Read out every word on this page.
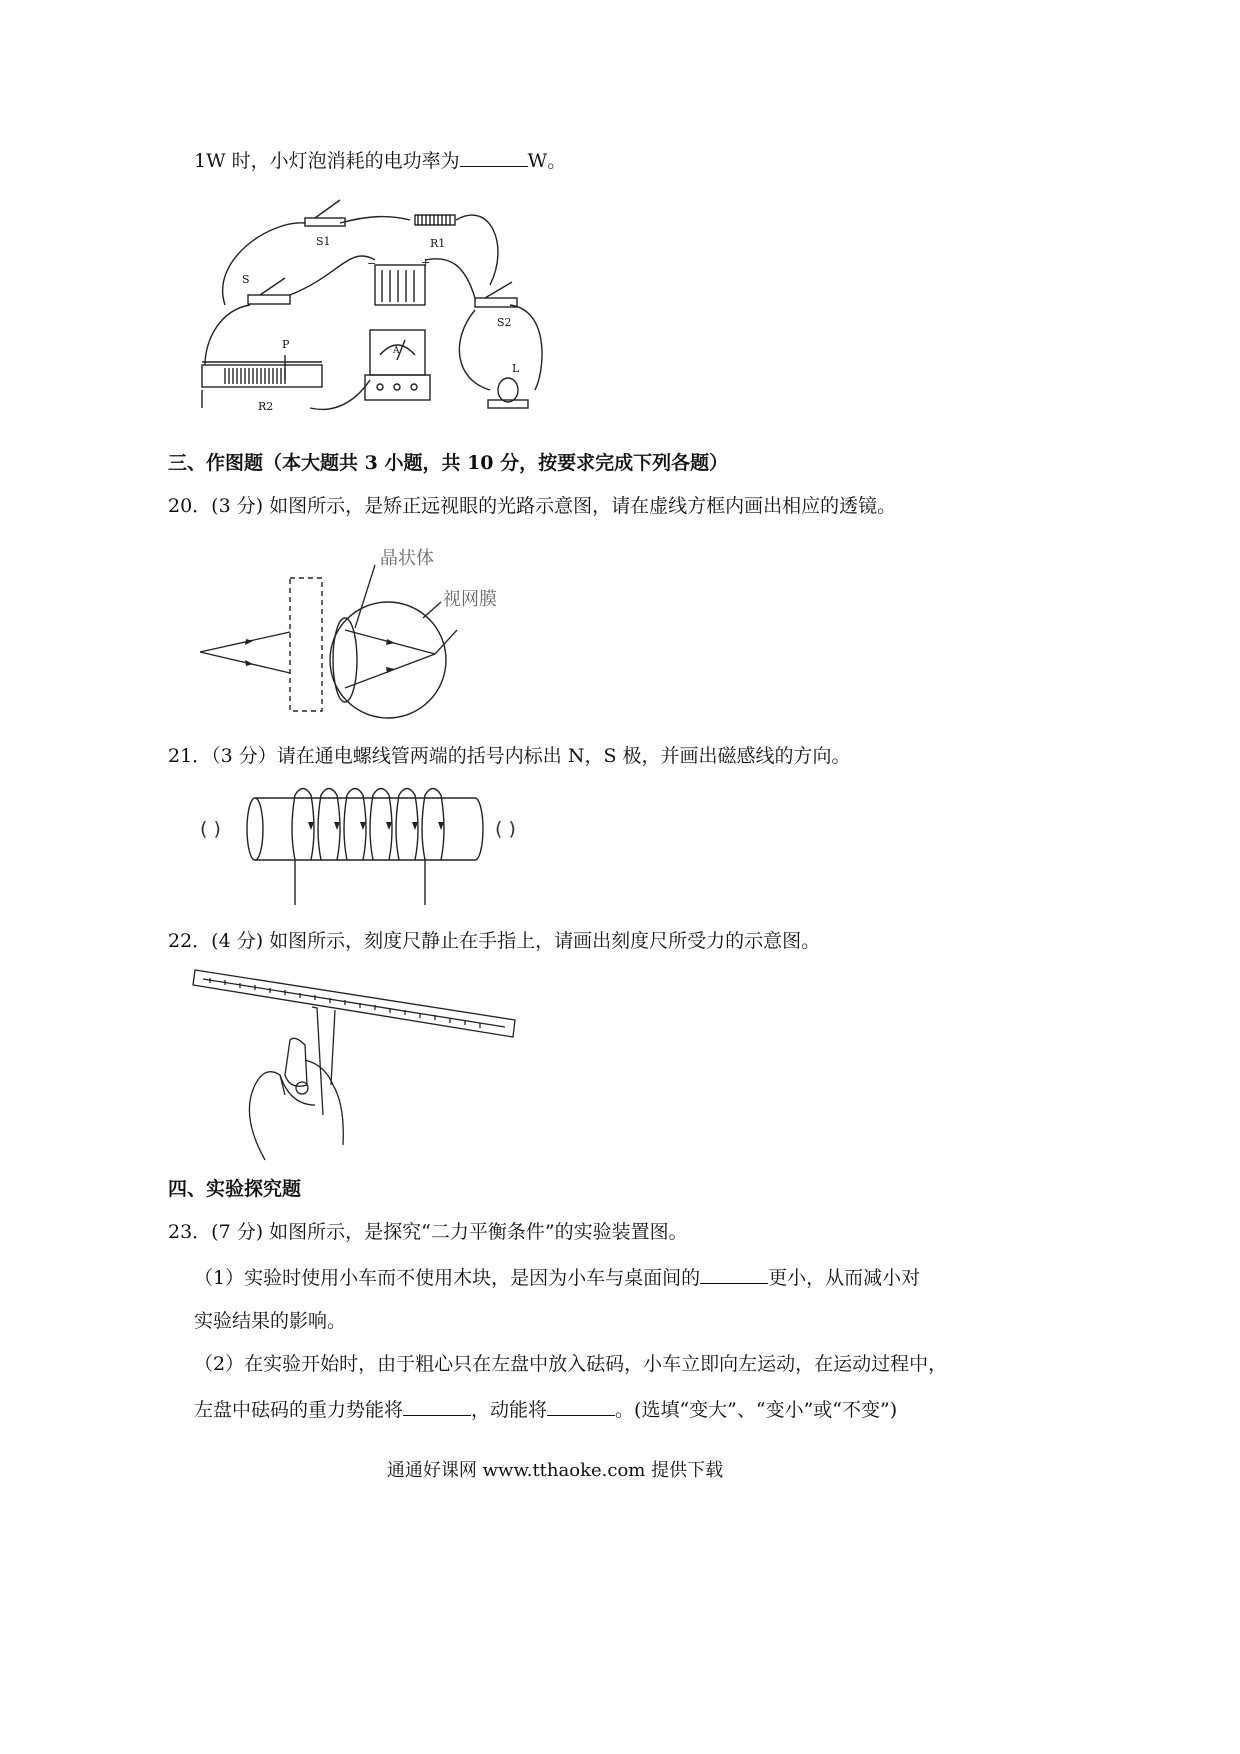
1W 时，小灯泡消耗的电功率为	W。
S1	R1
S
−	+
S2
P
R2
L
A
三、作图题（本大题共 3 小题，共 10 分，按要求完成下列各题）
20．(3 分) 如图所示，是矫正远视眼的光路示意图，请在虚线方框内画出相应的透镜。
晶状体
视网膜
21．（3 分）请在通电螺线管两端的括号内标出 N，S 极，并画出磁感线的方向。
( )	( )
22．(4 分) 如图所示，刻度尺静止在手指上，请画出刻度尺所受力的示意图。
四、实验探究题
23．(7 分) 如图所示，是探究“二力平衡条件”的实验装置图。
（1）实验时使用小车而不使用木块，是因为小车与桌面间的	更小，从而减小对
实验结果的影响。
（2）在实验开始时，由于粗心只在左盘中放入砝码，小车立即向左运动，在运动过程中，
左盘中砝码的重力势能将	，动能将	。(选填“变大”、“变小”或“不变”)
通通好课网 www.tthaoke.com 提供下载
